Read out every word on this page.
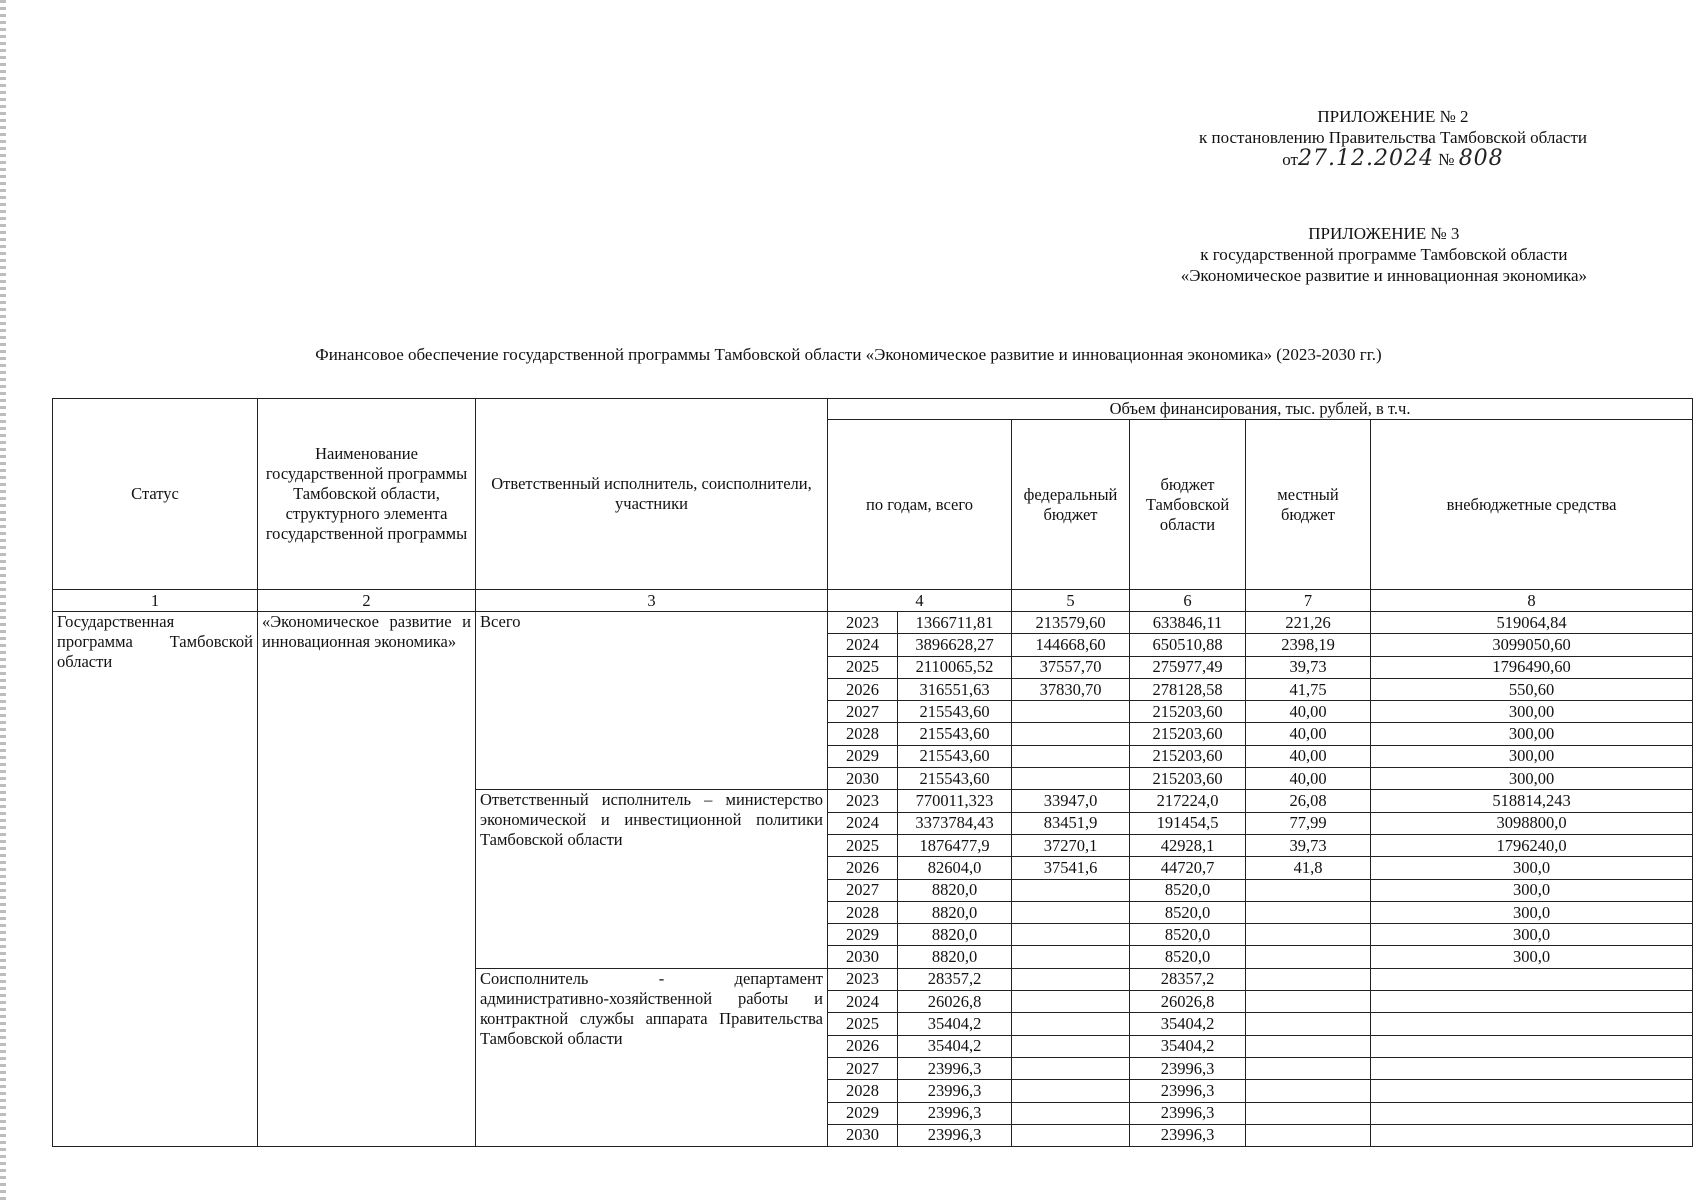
ПРИЛОЖЕНИЕ № 2
к постановлению Правительства Тамбовской области
от27.12.2024 № 808
ПРИЛОЖЕНИЕ № 3
к государственной программе Тамбовской области
«Экономическое развитие и инновационная экономика»
Финансовое обеспечение государственной программы Тамбовской области «Экономическое развитие и инновационная экономика» (2023-2030 гг.)
Статус	Наименование государственной программы Тамбовской области, структурного элемента государственной программы	Ответственный исполнитель, соисполнители, участники	Объем финансирования, тыс. рублей, в т.ч.					
			по годам, всего		федеральный бюджет	бюджет Тамбовской области	местный бюджет	внебюджетные средства
1	2	3	4		5	6	7	8
Государственная программа Тамбовской области	«Экономическое развитие и инновационная экономика»	Всего	2023	1366711,81	213579,60	633846,11	221,26	519064,84
			2024	3896628,27	144668,60	650510,88	2398,19	3099050,60
			2025	2110065,52	37557,70	275977,49	39,73	1796490,60
			2026	316551,63	37830,70	278128,58	41,75	550,60
			2027	215543,60		215203,60	40,00	300,00
			2028	215543,60		215203,60	40,00	300,00
			2029	215543,60		215203,60	40,00	300,00
			2030	215543,60		215203,60	40,00	300,00
		Ответственный исполнитель – министерство экономической и инвестиционной политики Тамбовской области	2023	770011,323	33947,0	217224,0	26,08	518814,243
			2024	3373784,43	83451,9	191454,5	77,99	3098800,0
			2025	1876477,9	37270,1	42928,1	39,73	1796240,0
			2026	82604,0	37541,6	44720,7	41,8	300,0
			2027	8820,0		8520,0		300,0
			2028	8820,0		8520,0		300,0
			2029	8820,0		8520,0		300,0
			2030	8820,0		8520,0		300,0
		Соисполнитель - департамент административно-хозяйственной работы и контрактной службы аппарата Правительства Тамбовской области	2023	28357,2		28357,2		
			2024	26026,8		26026,8		
			2025	35404,2		35404,2		
			2026	35404,2		35404,2		
			2027	23996,3		23996,3		
			2028	23996,3		23996,3		
			2029	23996,3		23996,3		
			2030	23996,3		23996,3		
